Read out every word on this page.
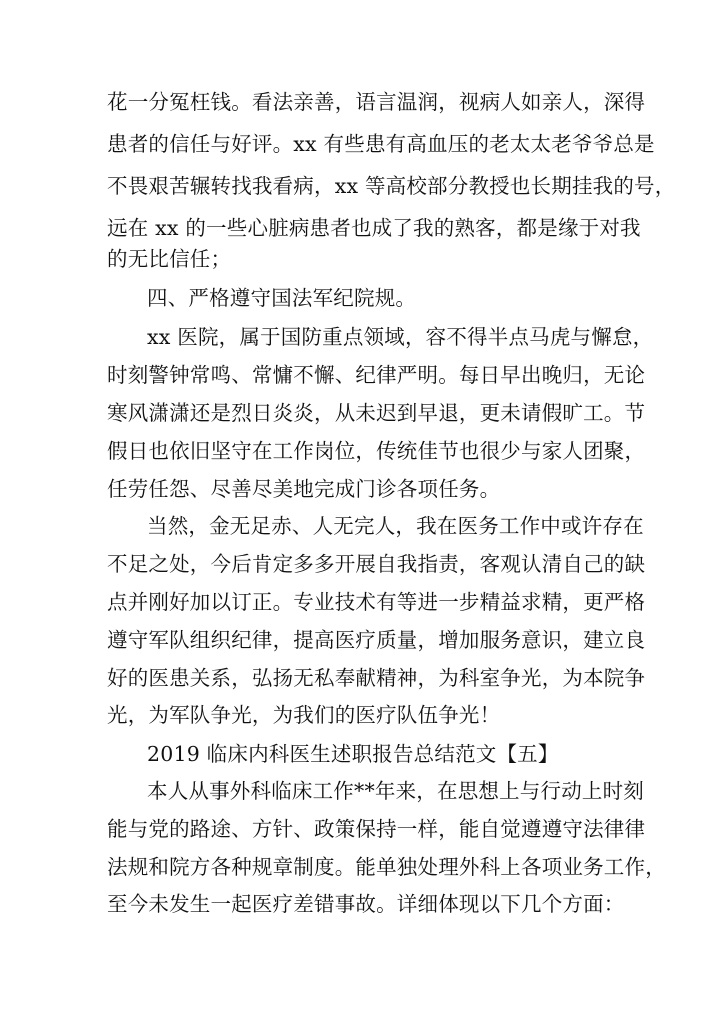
花一分冤枉钱。看法亲善，语言温润，视病人如亲人，深得
患者的信任与好评。xx 有些患有高血压的老太太老爷爷总是
不畏艰苦辗转找我看病，xx 等高校部分教授也长期挂我的号，
远在 xx 的一些心脏病患者也成了我的熟客，都是缘于对我
的无比信任；
四、严格遵守国法军纪院规。
xx 医院，属于国防重点领域，容不得半点马虎与懈怠，
时刻警钟常鸣、常慵不懈、纪律严明。每日早出晚归，无论
寒风潇潇还是烈日炎炎，从未迟到早退，更未请假旷工。节
假日也依旧坚守在工作岗位，传统佳节也很少与家人团聚，
任劳任怨、尽善尽美地完成门诊各项任务。
当然，金无足赤、人无完人，我在医务工作中或许存在
不足之处，今后肯定多多开展自我指责，客观认清自己的缺
点并刚好加以订正。专业技术有等进一步精益求精，更严格
遵守军队组织纪律，提高医疗质量，增加服务意识，建立良
好的医患关系，弘扬无私奉献精神，为科室争光，为本院争
光，为军队争光，为我们的医疗队伍争光！
2019 临床内科医生述职报告总结范文【五】
本人从事外科临床工作**年来，在思想上与行动上时刻
能与党的路途、方针、政策保持一样，能自觉遵遵守法律律
法规和院方各种规章制度。能单独处理外科上各项业务工作，
至今未发生一起医疗差错事故。详细体现以下几个方面：
